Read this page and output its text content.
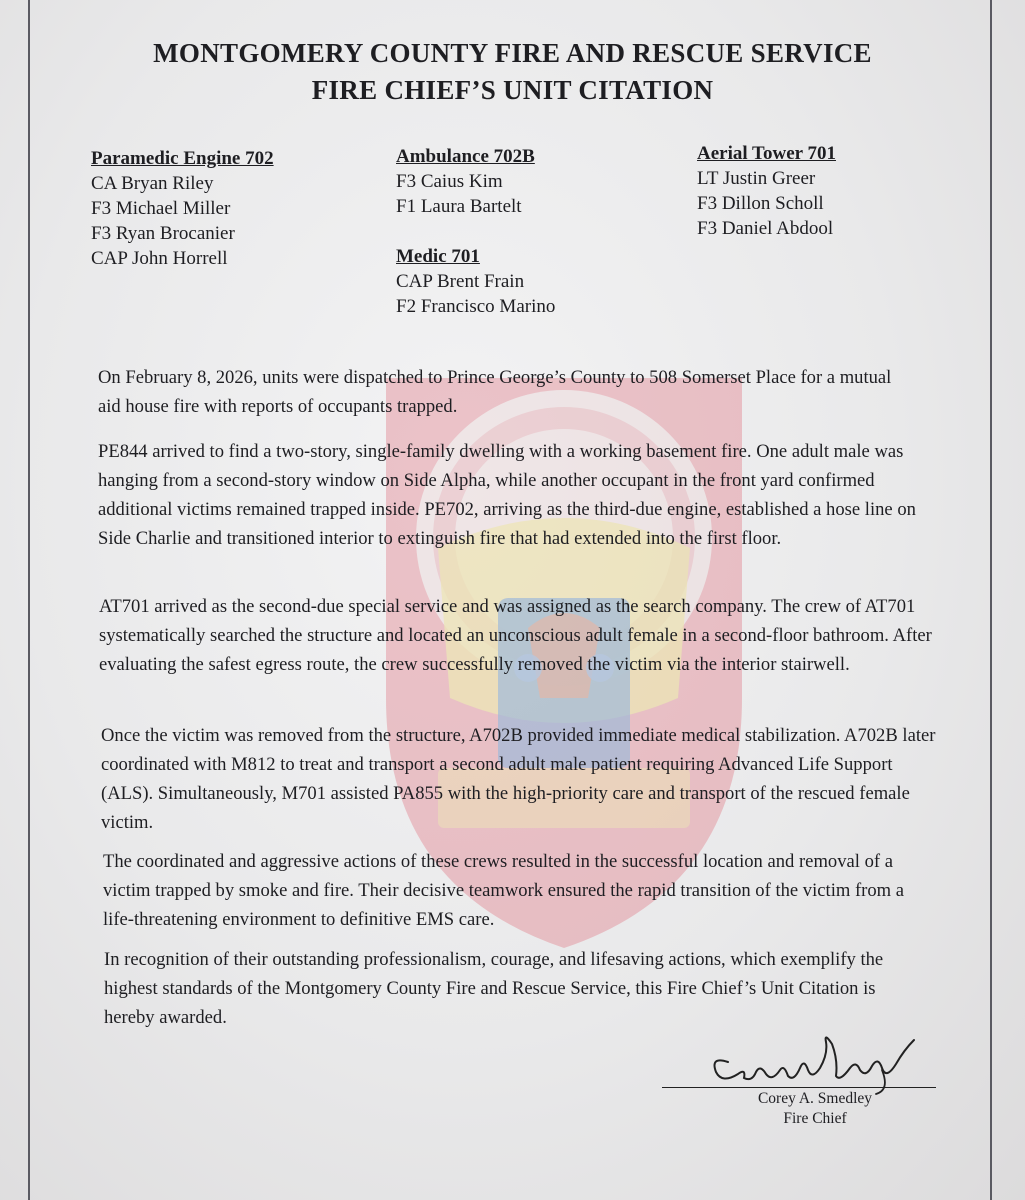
MONTGOMERY COUNTY FIRE AND RESCUE SERVICE
FIRE CHIEF’S UNIT CITATION
Paramedic Engine 702
CA Bryan Riley
F3 Michael Miller
F3 Ryan Brocanier
CAP John Horrell
Ambulance 702B
F3 Caius Kim
F1 Laura Bartelt
Medic 701
CAP Brent Frain
F2 Francisco Marino
Aerial Tower 701
LT Justin Greer
F3 Dillon Scholl
F3 Daniel Abdool

On February 8, 2026, units were dispatched to Prince George’s County to 508 Somerset Place for a mutual aid house fire with reports of occupants trapped.

PE844 arrived to find a two-story, single-family dwelling with a working basement fire. One adult male was hanging from a second-story window on Side Alpha, while another occupant in the front yard confirmed additional victims remained trapped inside. PE702, arriving as the third-due engine, established a hose line on Side Charlie and transitioned interior to extinguish fire that had extended into the first floor.

AT701 arrived as the second-due special service and was assigned as the search company. The crew of AT701 systematically searched the structure and located an unconscious adult female in a second-floor bathroom. After evaluating the safest egress route, the crew successfully removed the victim via the interior stairwell.

Once the victim was removed from the structure, A702B provided immediate medical stabilization. A702B later coordinated with M812 to treat and transport a second adult male patient requiring Advanced Life Support (ALS). Simultaneously, M701 assisted PA855 with the high-priority care and transport of the rescued female victim.

The coordinated and aggressive actions of these crews resulted in the successful location and removal of a victim trapped by smoke and fire. Their decisive teamwork ensured the rapid transition of the victim from a life-threatening environment to definitive EMS care.

In recognition of their outstanding professionalism, courage, and lifesaving actions, which exemplify the highest standards of the Montgomery County Fire and Rescue Service, this Fire Chief’s Unit Citation is hereby awarded.

Corey A. Smedley
Fire Chief
